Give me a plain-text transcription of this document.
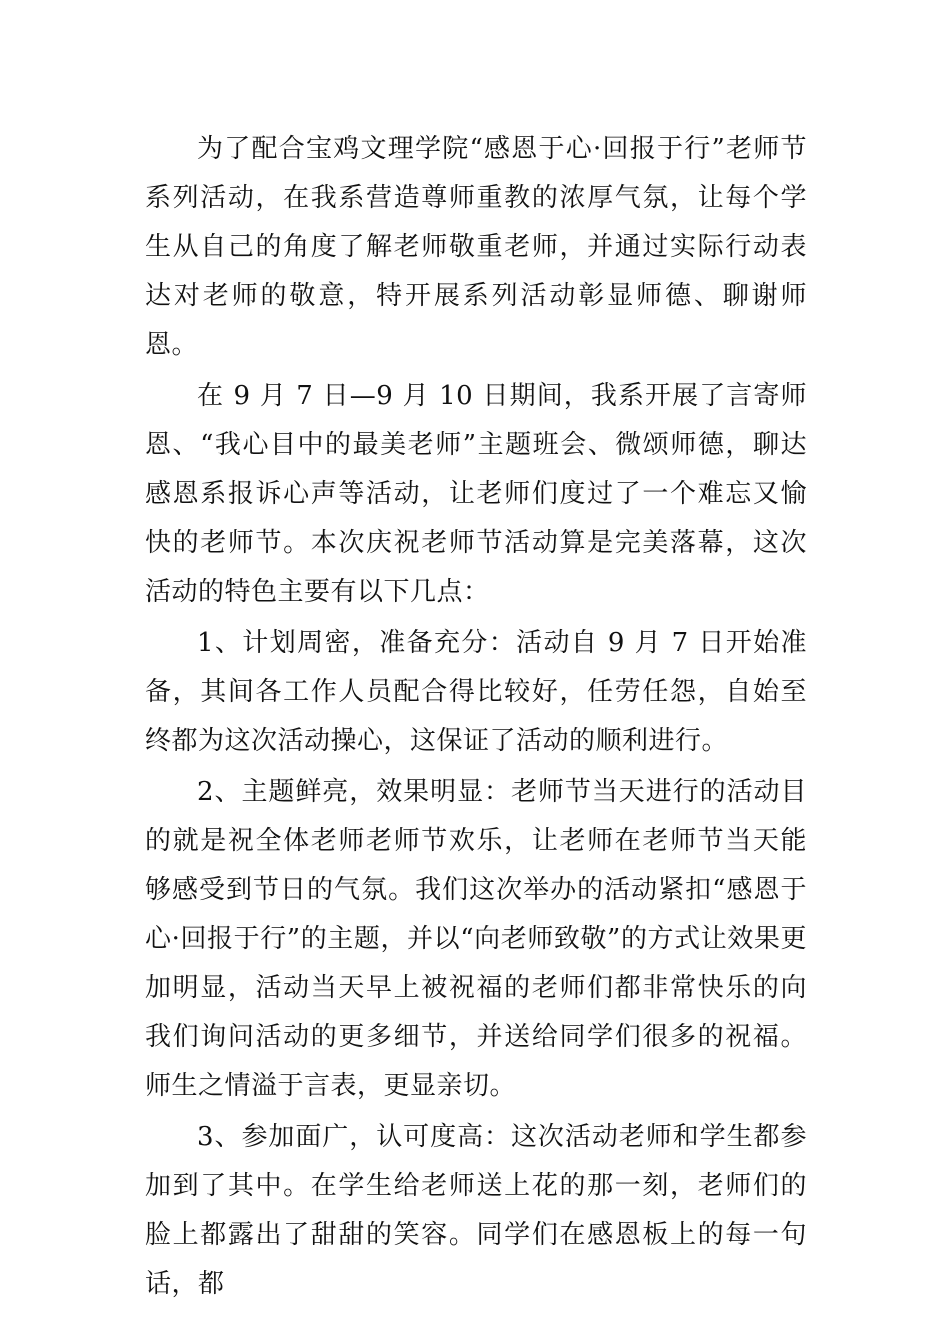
为了配合宝鸡文理学院“感恩于心·回报于行”老师节系列活动，在我系营造尊师重教的浓厚气氛，让每个学生从自己的角度了解老师敬重老师，并通过实际行动表达对老师的敬意，特开展系列活动彰显师德、聊谢师恩。

在 9 月 7 日—9 月 10 日期间，我系开展了言寄师恩、“我心目中的最美老师”主题班会、微颂师德，聊达感恩系报诉心声等活动，让老师们度过了一个难忘又愉快的老师节。本次庆祝老师节活动算是完美落幕，这次活动的特色主要有以下几点：

1、计划周密，准备充分：活动自 9 月 7 日开始准备，其间各工作人员配合得比较好，任劳任怨，自始至终都为这次活动操心，这保证了活动的顺利进行。

2、主题鲜亮，效果明显：老师节当天进行的活动目的就是祝全体老师老师节欢乐，让老师在老师节当天能够感受到节日的气氛。我们这次举办的活动紧扣“感恩于心·回报于行”的主题，并以“向老师致敬”的方式让效果更加明显，活动当天早上被祝福的老师们都非常快乐的向我们询问活动的更多细节，并送给同学们很多的祝福。师生之情溢于言表，更显亲切。

3、参加面广，认可度高：这次活动老师和学生都参加到了其中。在学生给老师送上花的那一刻，老师们的脸上都露出了甜甜的笑容。同学们在感恩板上的每一句话，都
